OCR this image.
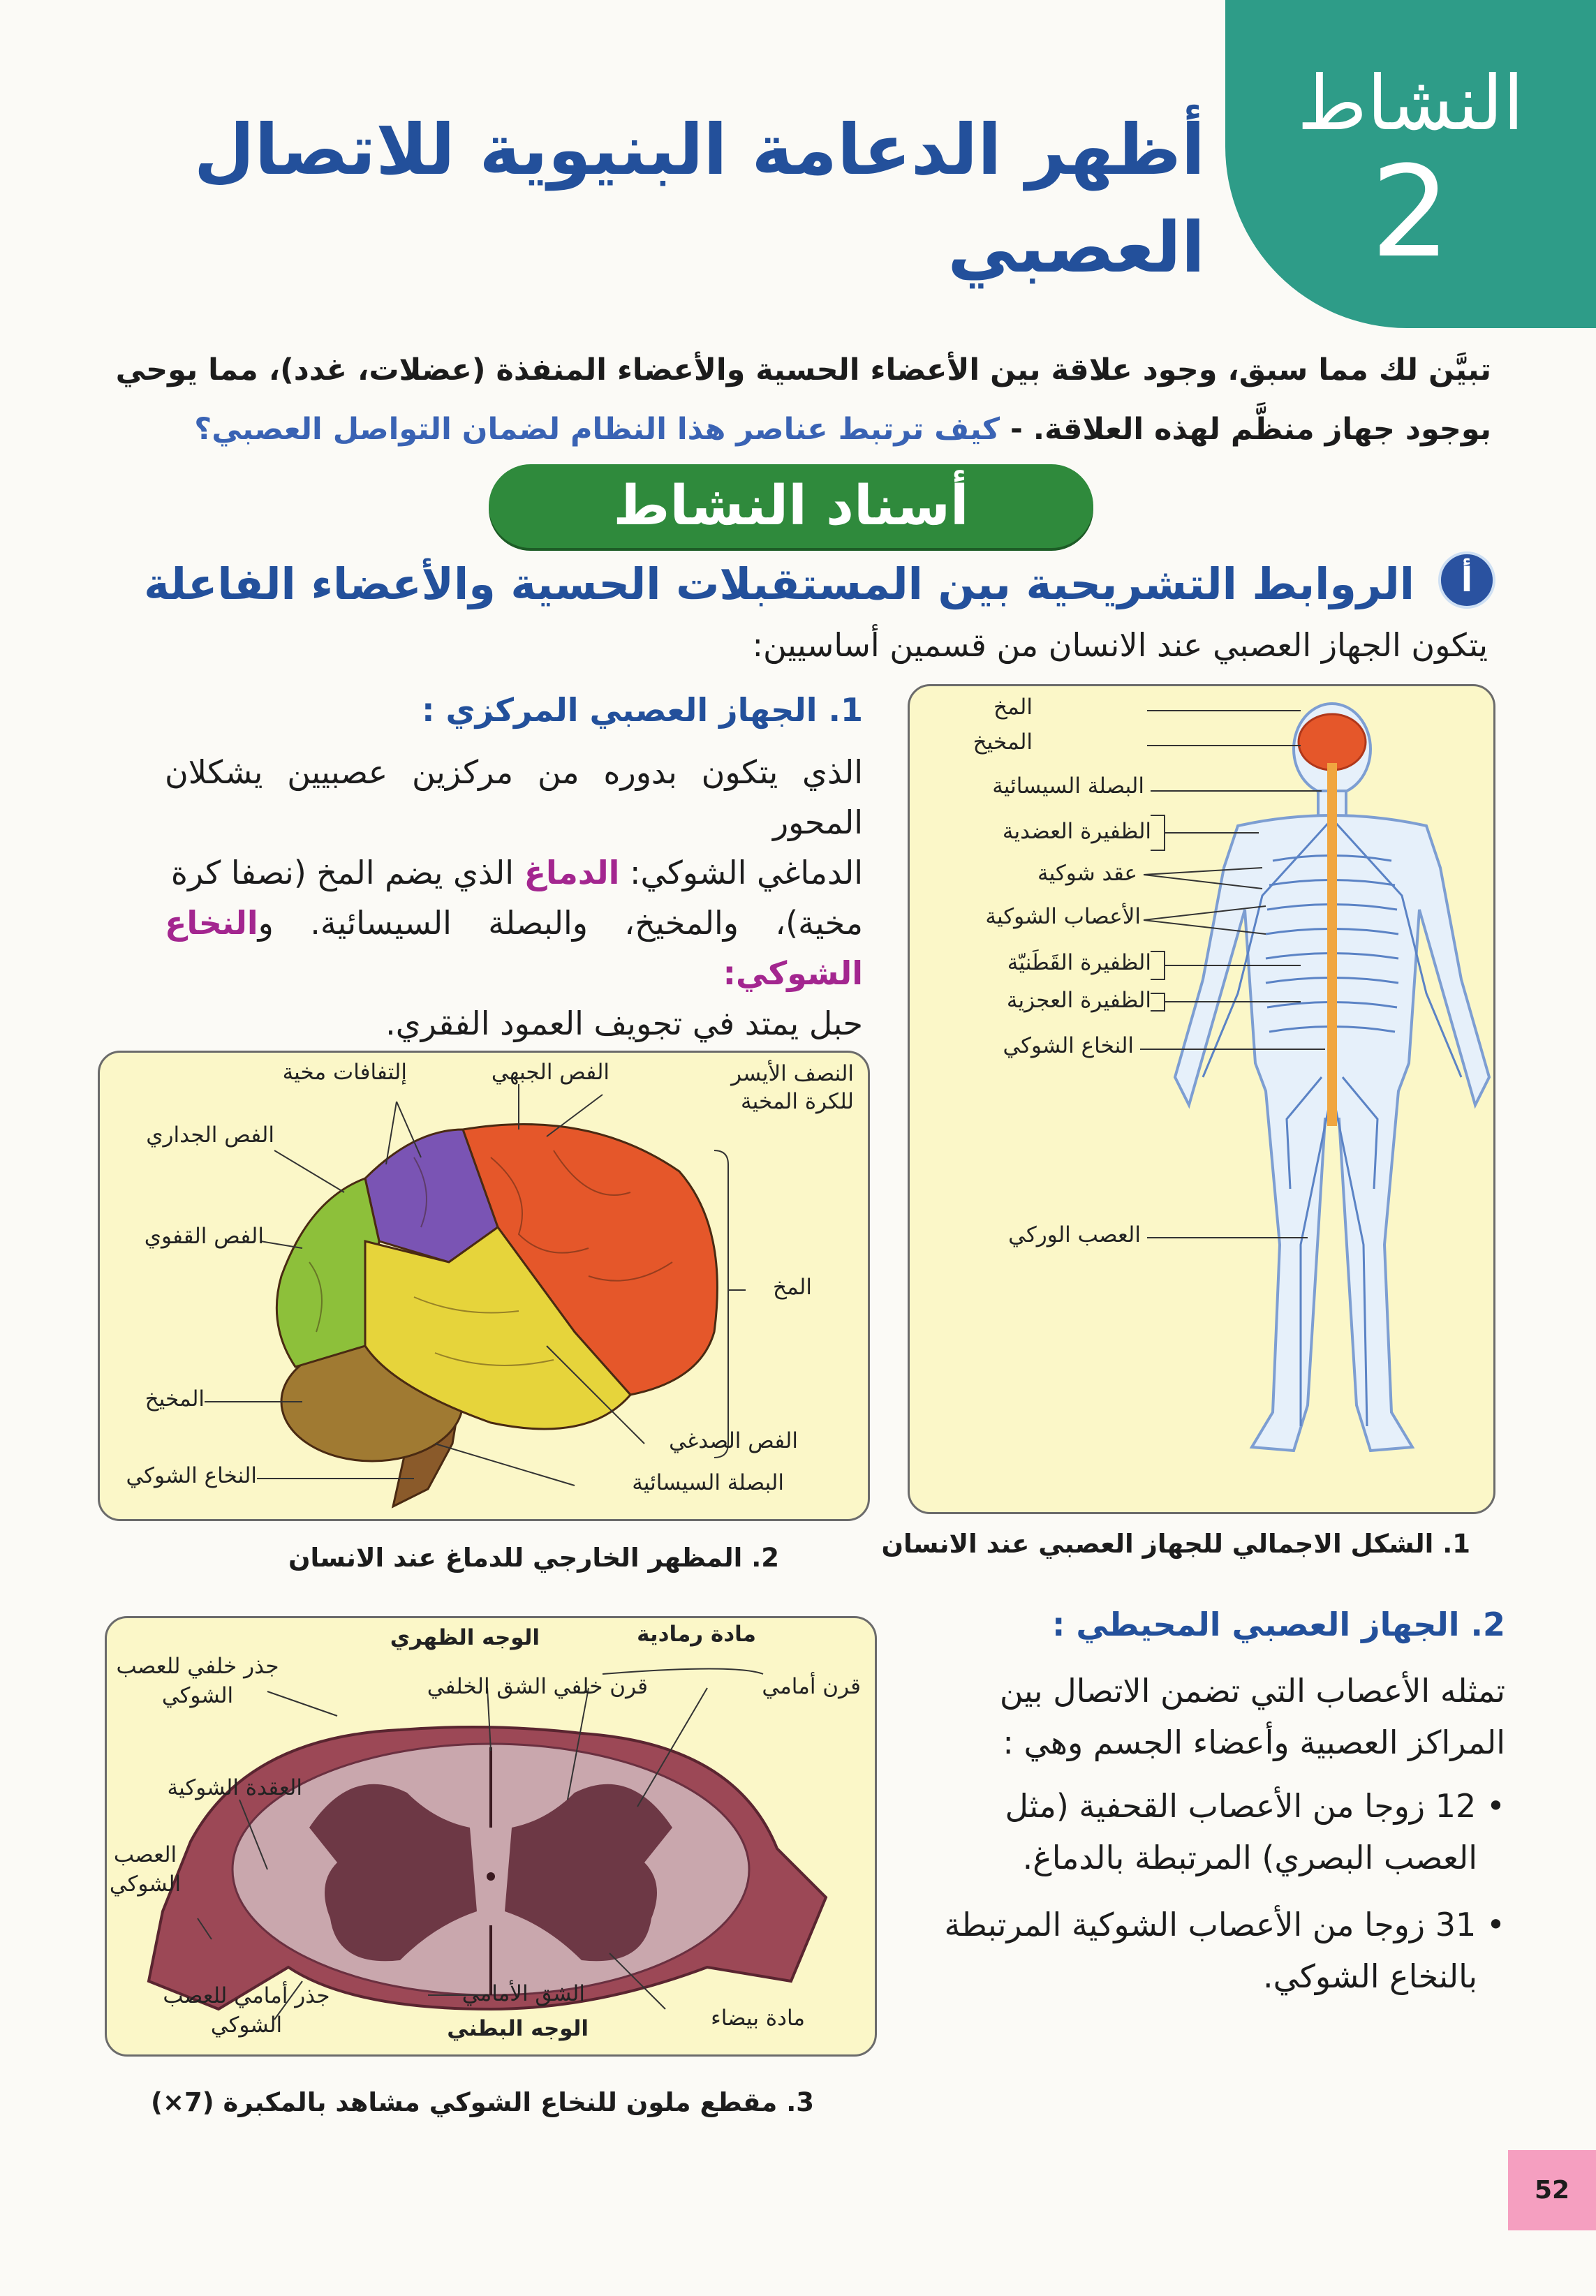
النشاط
2
أظهر الدعامة البنيوية للاتصال
العصبي
تبيَّن لك مما سبق، وجود علاقة بين الأعضاء الحسية والأعضاء المنفذة (عضلات، غدد)، مما يوحي
بوجود جهاز منظَّم لهذه العلاقة. - كيف ترتبط عناصر هذا النظام لضمان التواصل العصبي؟
أسناد النشاط
أ
الروابط التشريحية بين المستقبلات الحسية والأعضاء الفاعلة
يتكون الجهاز العصبي عند الانسان من قسمين أساسيين:
1. الجهاز العصبي المركزي :
الذي يتكون بدوره من مركزين عصبيين يشكلان المحور
الدماغي الشوكي: الدماغ الذي يضم المخ (نصفا كرة
مخية)، والمخيخ، والبصلة السيسائية. والنخاع الشوكي:
حبل يمتد في تجويف العمود الفقري.
المخ
المخيخ
البصلة السيسائية
الظفيرة العضدية
عقد شوكية
الأعصاب الشوكية
الظفيرة القَطَنيّة
الظفيرة العجزية
النخاع الشوكي
العصب الوركي
1. الشكل الاجمالي للجهاز العصبي عند الانسان
النصف الأيسر للكرة المخية
الفص الجبهي
إلتفافات مخية
الفص الجداري
الفص القفوي
المخيخ
النخاع الشوكي	البصلة السيسائية
الفص الصدغي
المخ
2. المظهر الخارجي للدماغ عند الانسان
مادة رمادية
الوجه الظهري
جذر خلفي للعصب الشوكي	الشق الخلفي قرن خلفي	قرن أمامي
العقدة الشوكية
العصب الشوكي
جذر أمامي للعصب الشوكي
الشق الأمامي
الوجه البطني	مادة بيضاء
3. مقطع ملون للنخاع الشوكي مشاهد بالمكبرة (7×)
2. الجهاز العصبي المحيطي :
تمثله الأعصاب التي تضمن الاتصال بين
المراكز العصبية وأعضاء الجسم وهي :
• 12 زوجا من الأعصاب القحفية (مثل
العصب البصري) المرتبطة بالدماغ.
• 31 زوجا من الأعصاب الشوكية المرتبطة
بالنخاع الشوكي.
52
